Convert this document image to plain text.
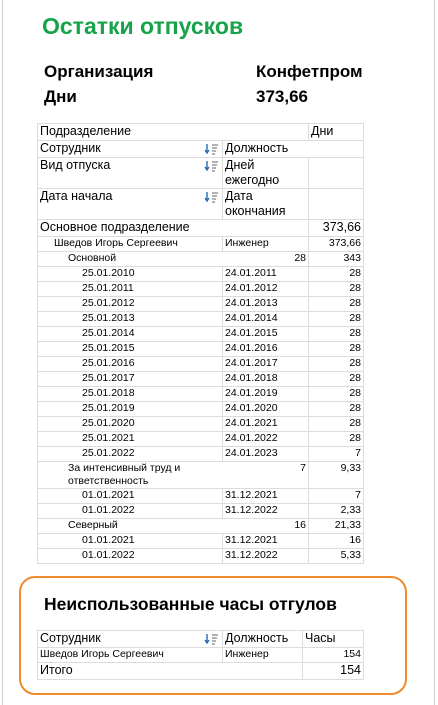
Остатки отпусков
Организация	Конфетпром
Дни	373,66
Подразделение		Дни

Сотрудник	Должность	

Вид отпуска	Дней ежегодно	

Дата начала	Дата окончания	
Основное подразделение		373,66
Шведов Игорь Сергеевич	Инженер	373,66
Основной	28	343
25.01.2010	24.01.2011	28
25.01.2011	24.01.2012	28
25.01.2012	24.01.2013	28
25.01.2013	24.01.2014	28
25.01.2014	24.01.2015	28
25.01.2015	24.01.2016	28
25.01.2016	24.01.2017	28
25.01.2017	24.01.2018	28
25.01.2018	24.01.2019	28
25.01.2019	24.01.2020	28
25.01.2020	24.01.2021	28
25.01.2021	24.01.2022	28
25.01.2022	24.01.2023	7
За интенсивный труд и ответственность	7	9,33
01.01.2021	31.12.2021	7
01.01.2022	31.12.2022	2,33
Северный	16	21,33
01.01.2021	31.12.2021	16
01.01.2022	31.12.2022	5,33
Неиспользованные часы отгулов
Сотрудник	Должность	Часы
Шведов Игорь Сергеевич	Инженер	154
Итого		154
